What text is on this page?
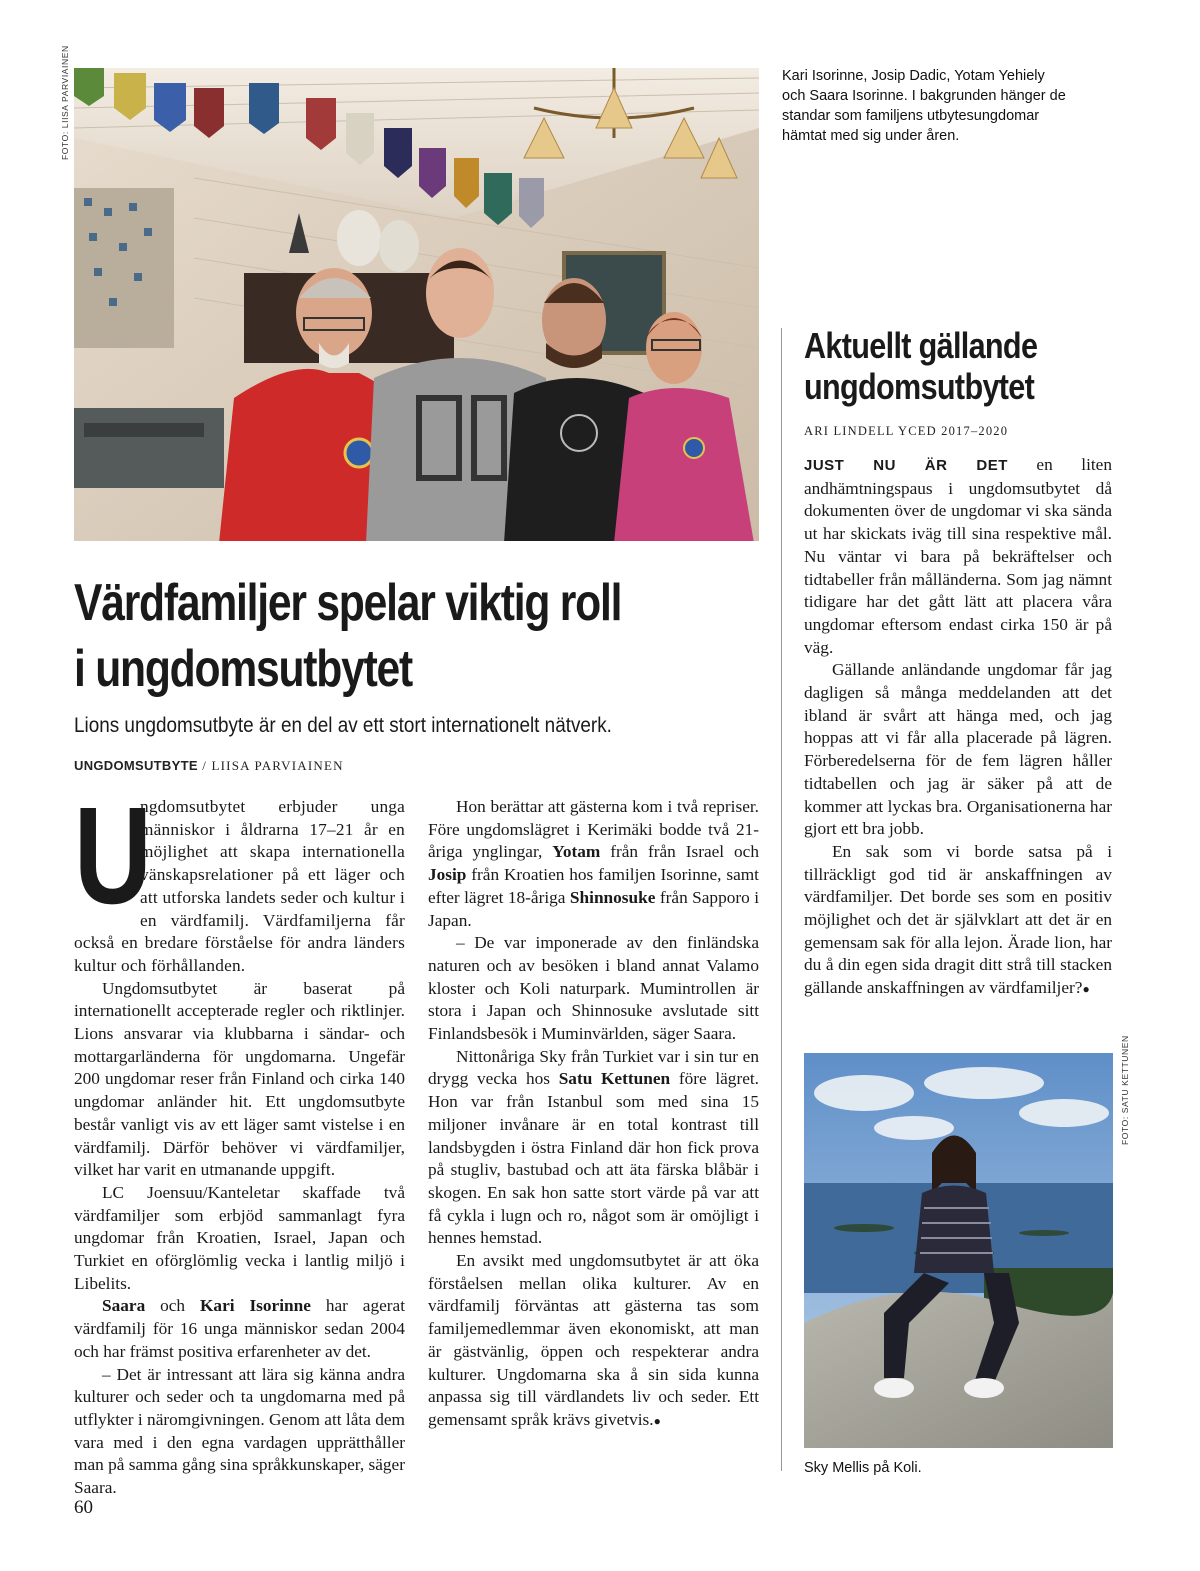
FOTO: LIISA PARVIAINEN	Kari Isorinne, Josip Dadic, Yotam Yehiely och Saara Isorinne. I bakgrunden hänger de standar som familjens utbytesungdomar hämtat med sig under åren.
Värdfamiljer spelar viktig roll
i ungdomsutbytet
Lions ungdomsutbyte är en del av ett stort internationelt nätverk.
UNGDOMSUTBYTE / LIISA PARVIAINEN
U

ngdomsutbytet erbjuder unga människor i åldrarna 17–21 år en möjlighet att skapa internationella vänskapsrelationer på ett läger och att utforska landets seder och kultur i en värdfamilj. Värdfamiljerna får också en bredare förståelse för andra länders kultur och förhållanden.

Ungdomsutbytet är baserat på internationellt accepterade regler och riktlinjer. Lions ansvarar via klubbarna i sändar- och mottargarländerna för ungdomarna. Ungefär 200 ungdomar reser från Finland och cirka 140 ungdomar anländer hit. Ett ungdomsutbyte består vanligt vis av ett läger samt vistelse i en värdfamilj. Därför behöver vi värdfamiljer, vilket har varit en utmanande uppgift.

LC Joensuu/Kanteletar skaffade två värdfamiljer som erbjöd sammanlagt fyra ungdomar från Kroatien, Israel, Japan och Turkiet en oförglömlig vecka i lantlig miljö i Libelits.

Saara och Kari Isorinne har agerat värdfamilj för 16 unga människor sedan 2004 och har främst positiva erfarenheter av det.

– Det är intressant att lära sig känna andra kulturer och seder och ta ungdomarna med på utflykter i näromgivningen. Genom att låta dem vara med i den egna vardagen upprätthåller man på samma gång sina språkkunskaper, säger Saara.

Hon berättar att gästerna kom i två repriser. Före ungdomslägret i Kerimäki bodde två 21-åriga ynglingar, Yotam från från Israel och Josip från Kroatien hos familjen Isorinne, samt efter lägret 18-åriga Shinnosuke från Sapporo i Japan.

– De var imponerade av den finländska naturen och av besöken i bland annat Valamo kloster och Koli naturpark. Mumintrollen är stora i Japan och Shinnosuke avslutade sitt Finlandsbesök i Muminvärlden, säger Saara.

Nittonåriga Sky från Turkiet var i sin tur en drygg vecka hos Satu Kettunen före lägret. Hon var från Istanbul som med sina 15 miljoner invånare är en total kontrast till landsbygden i östra Finland där hon fick prova på stugliv, bastubad och att äta färska blåbär i skogen. En sak hon satte stort värde på var att få cykla i lugn och ro, något som är omöjligt i hennes hemstad.

En avsikt med ungdomsutbytet är att öka förståelsen mellan olika kulturer. Av en värdfamilj förväntas att gästerna tas som familjemedlemmar även ekonomiskt, att man är gästvänlig, öppen och respekterar andra kulturer. Ungdomarna ska å sin sida kunna anpassa sig till värdlandets liv och seder. Ett gemensamt språk krävs givetvis.●

Aktuellt gällande
ungdomsutbytet
ARI LINDELL YCED 2017–2020

JUST NU ÄR DET en liten andhämtningspaus i ungdomsutbytet då dokumenten över de ungdomar vi ska sända ut har skickats iväg till sina respektive mål. Nu väntar vi bara på bekräftelser och tidtabeller från målländerna. Som jag nämnt tidigare har det gått lätt att placera våra ungdomar eftersom endast cirka 150 är på väg.

Gällande anländande ungdomar får jag dagligen så många meddelanden att det ibland är svårt att hänga med, och jag hoppas att vi får alla placerade på lägren. Förberedelserna för de fem lägren håller tidtabellen och jag är säker på att de kommer att lyckas bra. Organisationerna har gjort ett bra jobb.

En sak som vi borde satsa på i tillräckligt god tid är anskaffningen av värdfamiljer. Det borde ses som en positiv möjlighet och det är självklart att det är en gemensam sak för alla lejon. Ärade lion, har du å din egen sida dragit ditt strå till stacken gällande anskaffningen av värdfamiljer?●

FOTO: SATU KETTUNEN
Sky Mellis på Koli.
60
